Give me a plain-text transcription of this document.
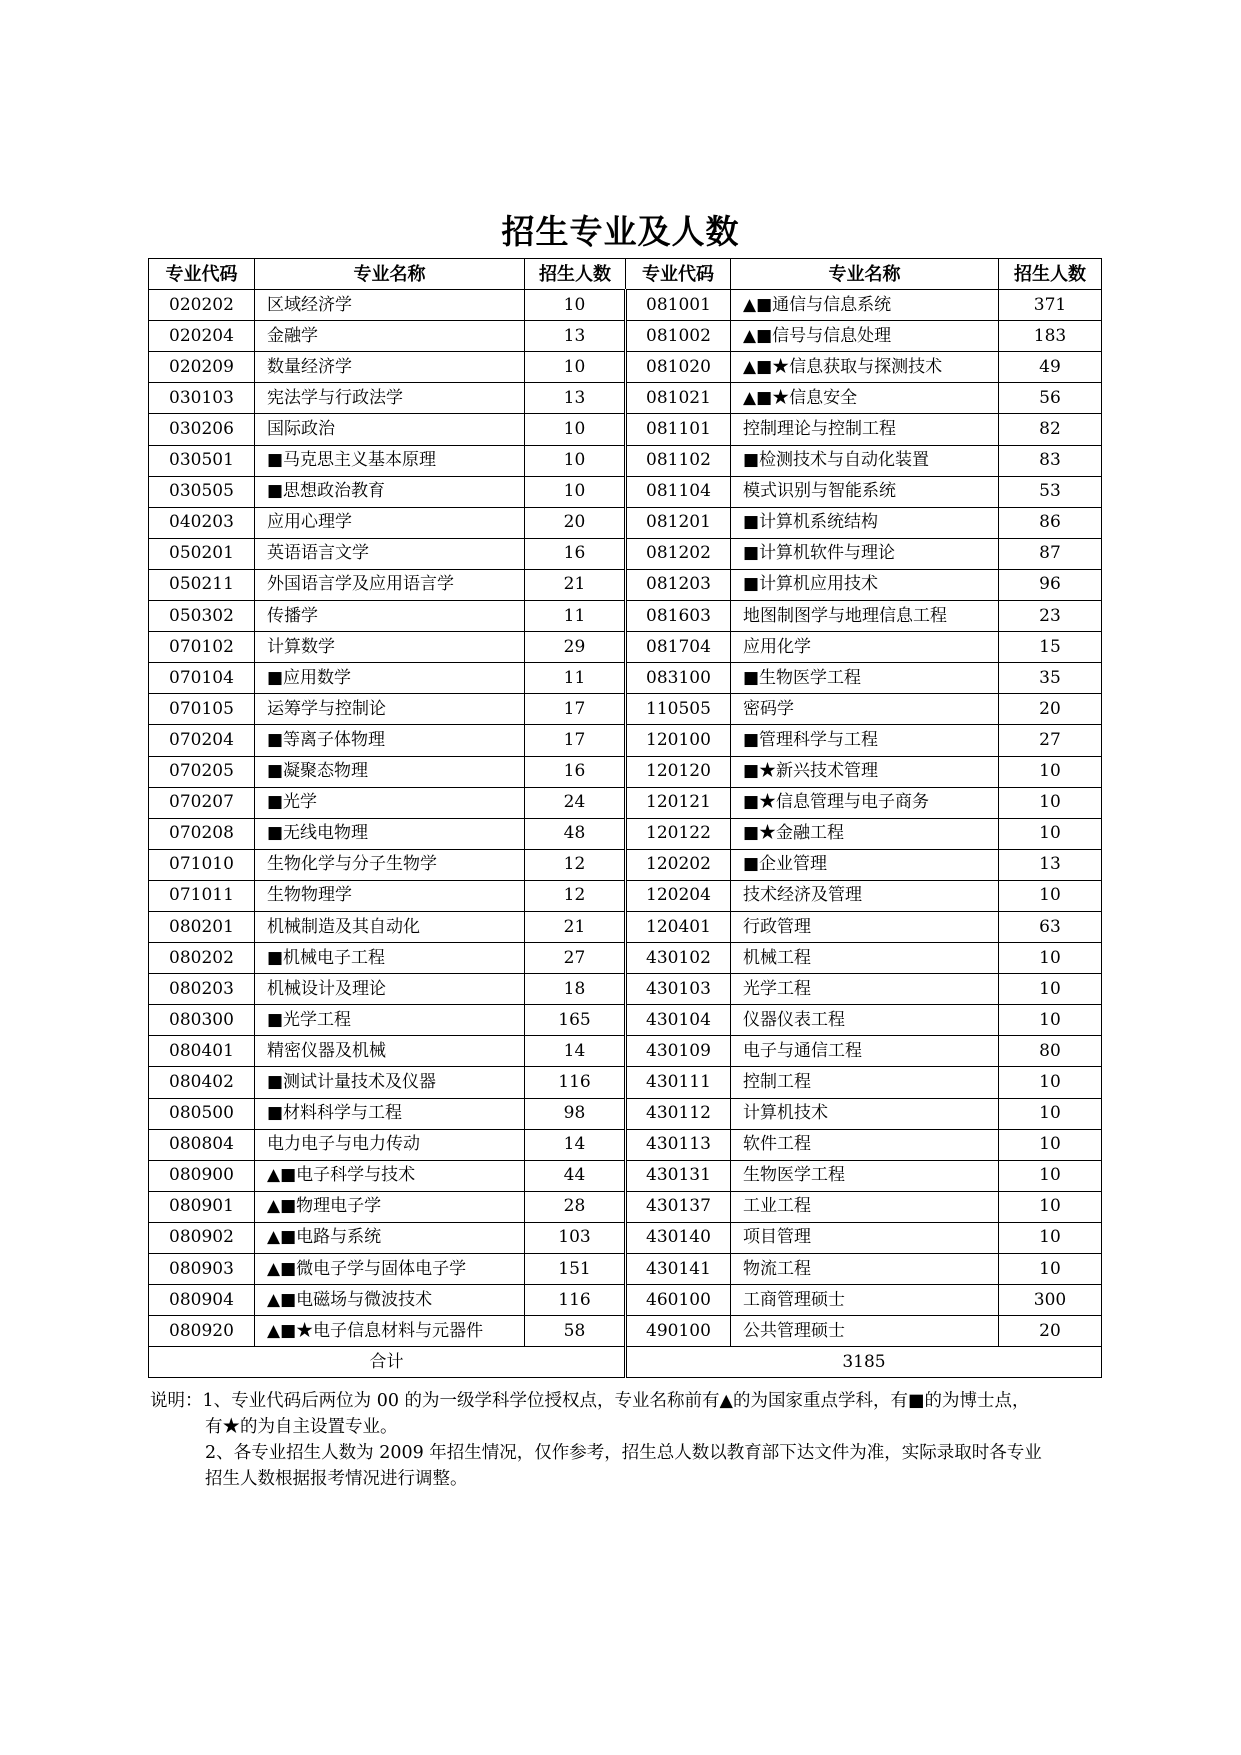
招生专业及人数
专业代码	专业名称	招生人数	专业代码	专业名称	招生人数
020202	区域经济学	10	081001	▲■通信与信息系统	371
020204	金融学	13	081002	▲■信号与信息处理	183
020209	数量经济学	10	081020	▲■★信息获取与探测技术	49
030103	宪法学与行政法学	13	081021	▲■★信息安全	56
030206	国际政治	10	081101	控制理论与控制工程	82
030501	■马克思主义基本原理	10	081102	■检测技术与自动化装置	83
030505	■思想政治教育	10	081104	模式识别与智能系统	53
040203	应用心理学	20	081201	■计算机系统结构	86
050201	英语语言文学	16	081202	■计算机软件与理论	87
050211	外国语言学及应用语言学	21	081203	■计算机应用技术	96
050302	传播学	11	081603	地图制图学与地理信息工程	23
070102	计算数学	29	081704	应用化学	15
070104	■应用数学	11	083100	■生物医学工程	35
070105	运筹学与控制论	17	110505	密码学	20
070204	■等离子体物理	17	120100	■管理科学与工程	27
070205	■凝聚态物理	16	120120	■★新兴技术管理	10
070207	■光学	24	120121	■★信息管理与电子商务	10
070208	■无线电物理	48	120122	■★金融工程	10
071010	生物化学与分子生物学	12	120202	■企业管理	13
071011	生物物理学	12	120204	技术经济及管理	10
080201	机械制造及其自动化	21	120401	行政管理	63
080202	■机械电子工程	27	430102	机械工程	10
080203	机械设计及理论	18	430103	光学工程	10
080300	■光学工程	165	430104	仪器仪表工程	10
080401	精密仪器及机械	14	430109	电子与通信工程	80
080402	■测试计量技术及仪器	116	430111	控制工程	10
080500	■材料科学与工程	98	430112	计算机技术	10
080804	电力电子与电力传动	14	430113	软件工程	10
080900	▲■电子科学与技术	44	430131	生物医学工程	10
080901	▲■物理电子学	28	430137	工业工程	10
080902	▲■电路与系统	103	430140	项目管理	10
080903	▲■微电子学与固体电子学	151	430141	物流工程	10
080904	▲■电磁场与微波技术	116	460100	工商管理硕士	300
080920	▲■★电子信息材料与元器件	58	490100	公共管理硕士	20
合计			3185		
说明：1、专业代码后两位为 00 的为一级学科学位授权点，专业名称前有▲的为国家重点学科，有■的为博士点，
有★的为自主设置专业。
2、各专业招生人数为 2009 年招生情况，仅作参考，招生总人数以教育部下达文件为准，实际录取时各专业
招生人数根据报考情况进行调整。
